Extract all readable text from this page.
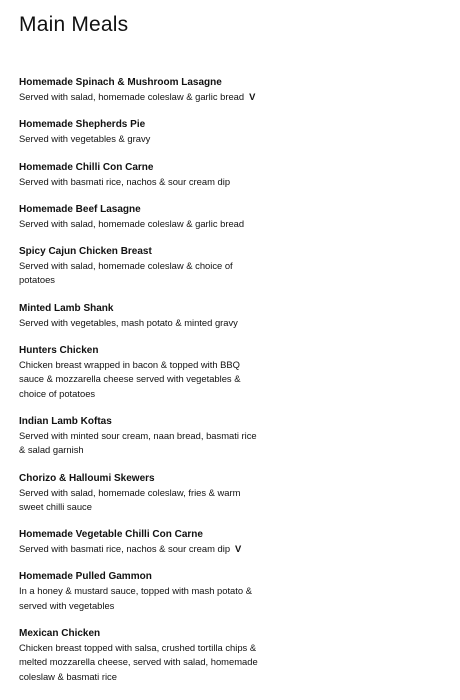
Main Meals
Homemade Spinach & Mushroom Lasagne
Served with salad, homemade coleslaw & garlic bread V
Homemade Shepherds Pie
Served with vegetables & gravy
Homemade Chilli Con Carne
Served with basmati rice, nachos & sour cream dip
Homemade Beef Lasagne
Served with salad, homemade coleslaw & garlic bread
Spicy Cajun Chicken Breast
Served with salad, homemade coleslaw & choice of potatoes
Minted Lamb Shank
Served with vegetables, mash potato & minted gravy
Hunters Chicken
Chicken breast wrapped in bacon & topped with BBQ sauce & mozzarella cheese served with vegetables & choice of potatoes
Indian Lamb Koftas
Served with minted sour cream, naan bread, basmati rice & salad garnish
Chorizo & Halloumi Skewers
Served with salad, homemade coleslaw, fries & warm sweet chilli sauce
Homemade Vegetable Chilli Con Carne
Served with basmati rice, nachos & sour cream dip V
Homemade Pulled Gammon
In a honey & mustard sauce, topped with mash potato & served with vegetables
Mexican Chicken
Chicken breast topped with salsa, crushed tortilla chips & melted mozzarella cheese, served with salad, homemade coleslaw & basmati rice
